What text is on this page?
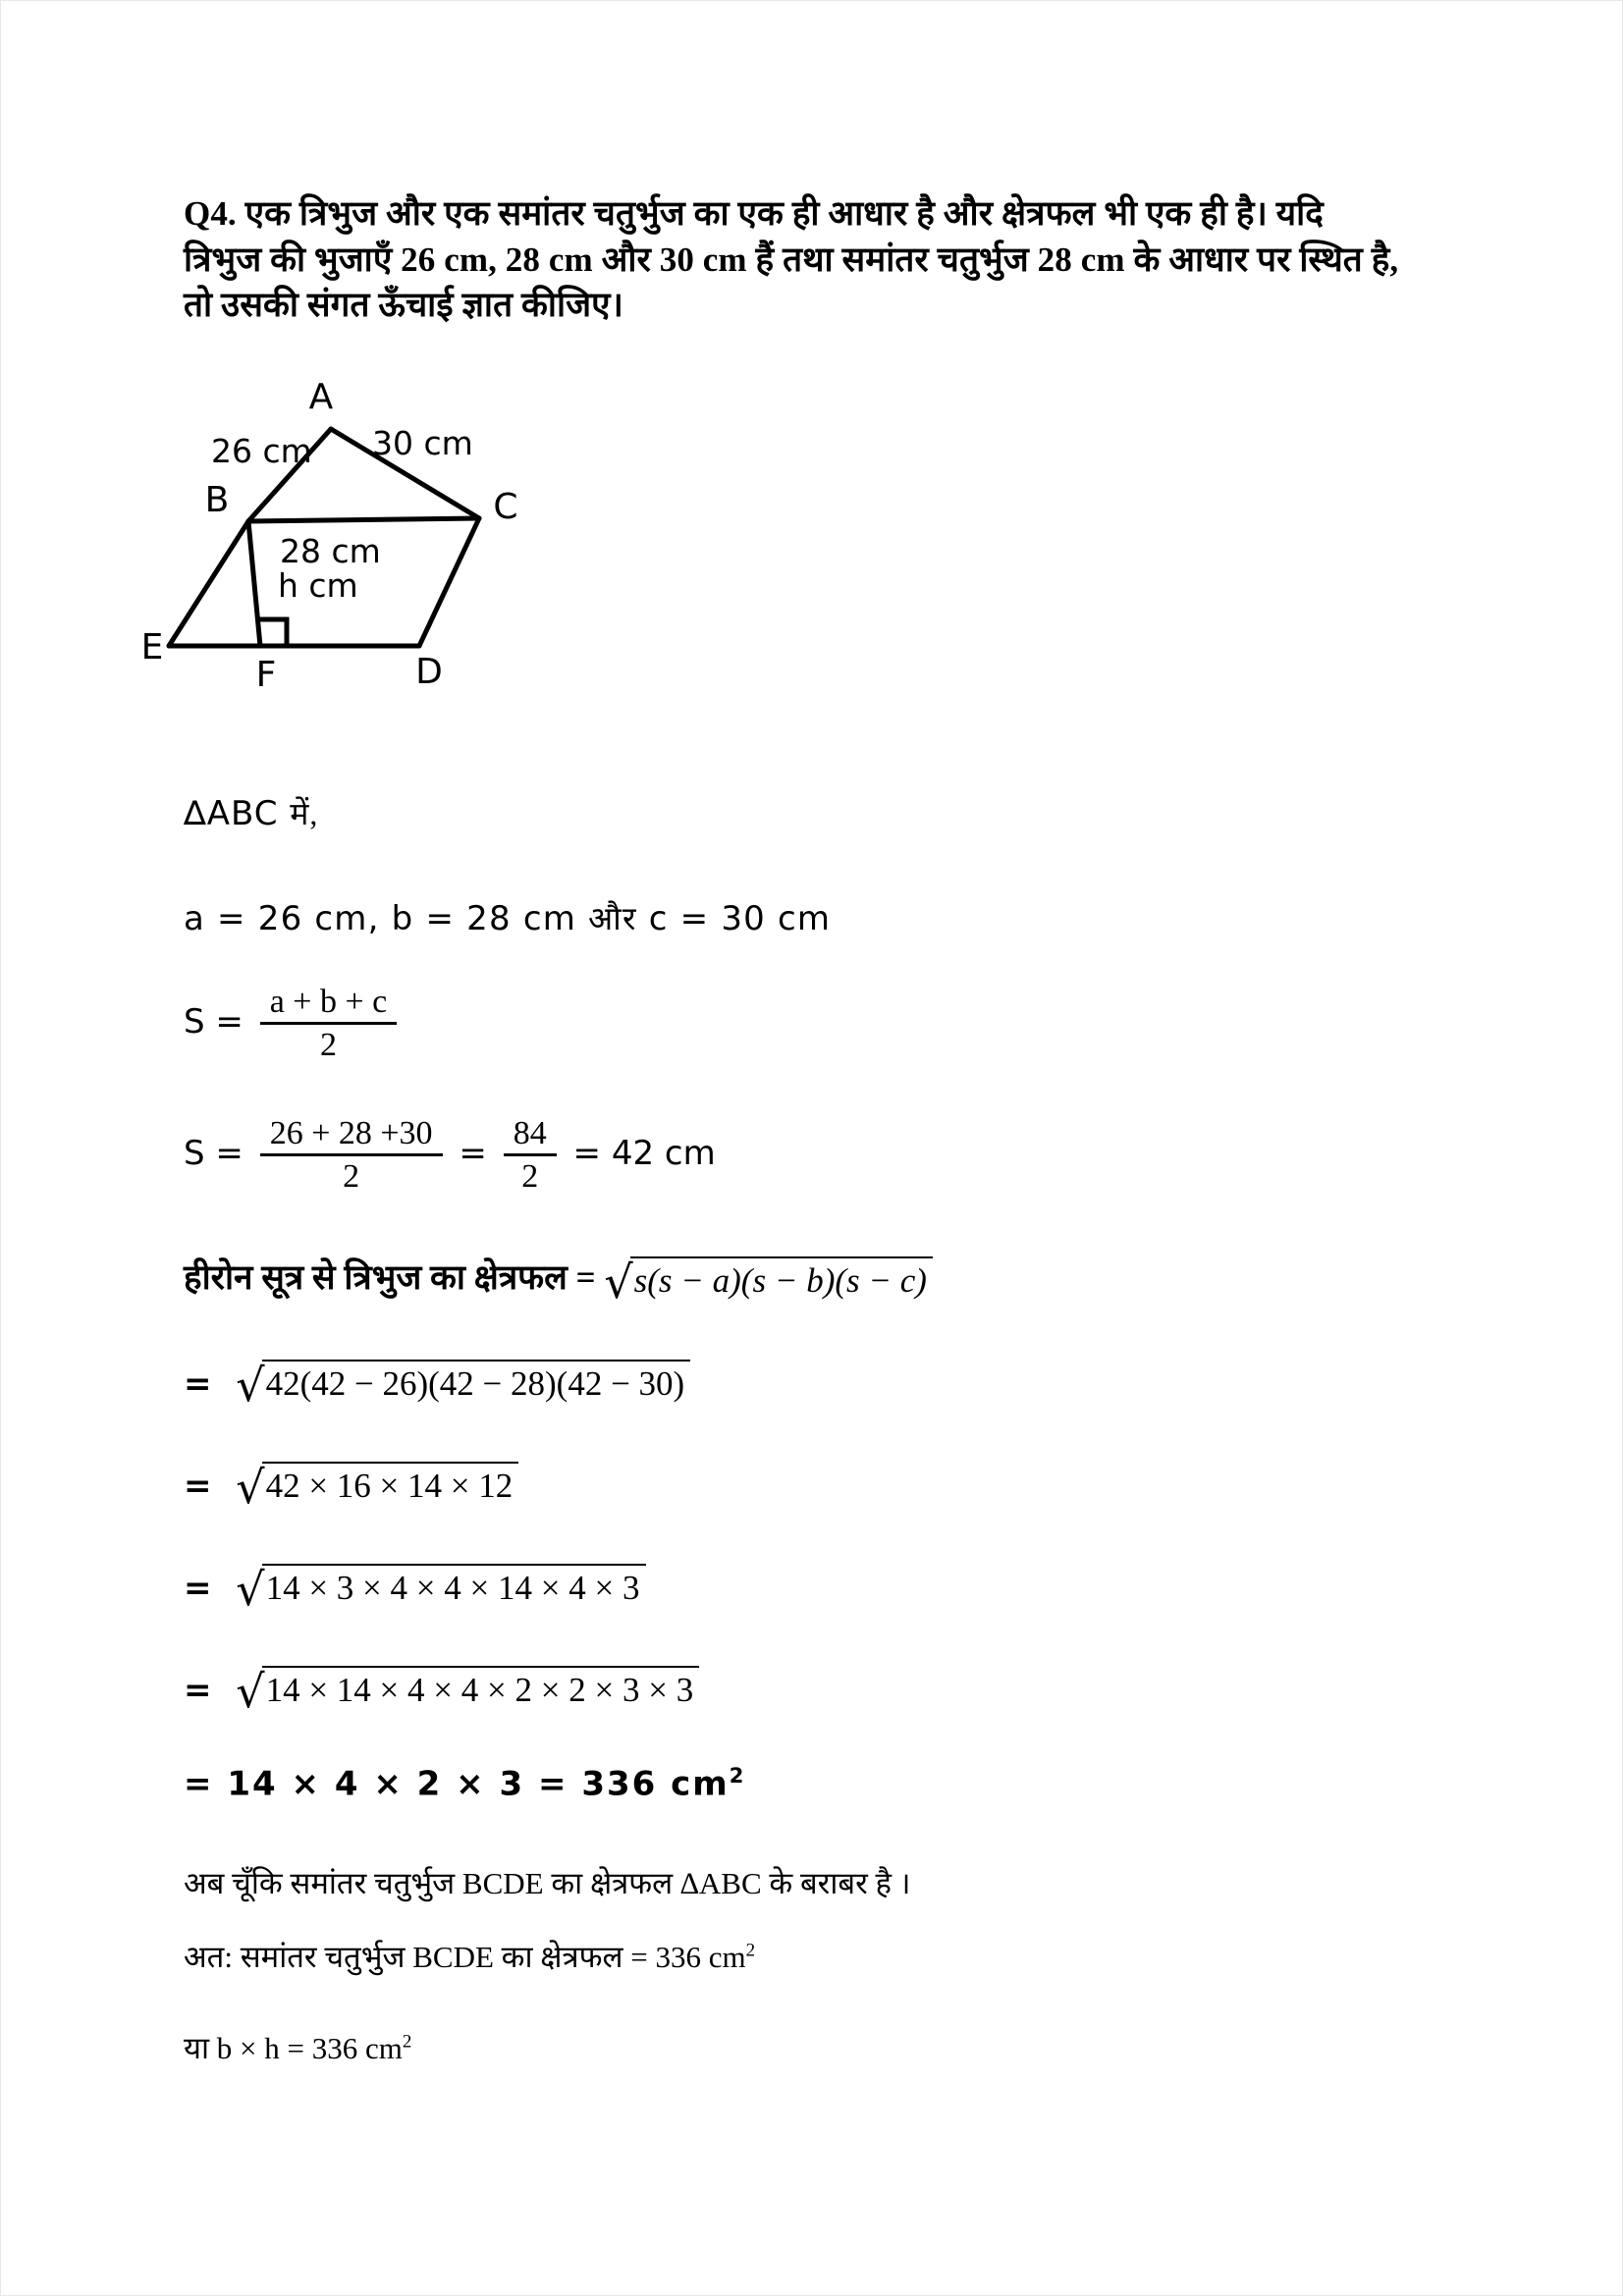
Q4. एक त्रिभुज और एक समांतर चतुर्भुज का एक ही आधार है और क्षेत्रफल भी एक ही है। यदि
त्रिभुज की भुजाऍं 26 cm, 28 cm और 30 cm हैं तथा समांतर चतुर्भुज 28 cm के आधार पर स्थित है,
तो उसकी संगत ऊँचाई ज्ञात कीजिए।
A
B	C
D
E
F
26 cm 30 cm
28 cm
h cm
∆ABC में,
a = 26 cm, b = 28 cm और c = 30 cm
$S = \frac{a + b + c}{2}$
$S = \frac{26 + 28 +30}{2} = \frac{84}{2} = 42$ cm
हीरोन सूत्र से त्रिभुज का क्षेत्रफल = √s(s − a)(s − b)(s − c)
= √42(42 − 26)(42 − 28)(42 − 30)
= √42 × 16 × 14 × 12
= √14 × 3 × 4 × 4 × 14 × 4 × 3
= √14 × 14 × 4 × 4 × 2 × 2 × 3 × 3
= 14 × 4 × 2 × 3 = 336 $cm^2$
अब चूँकि समांतर चतुर्भुज BCDE का क्षेत्रफल ∆ABC के बराबर है ।
अत: समांतर चतुर्भुज BCDE का क्षेत्रफल = 336 $cm^2$
या b × h = 336 $cm^2$
